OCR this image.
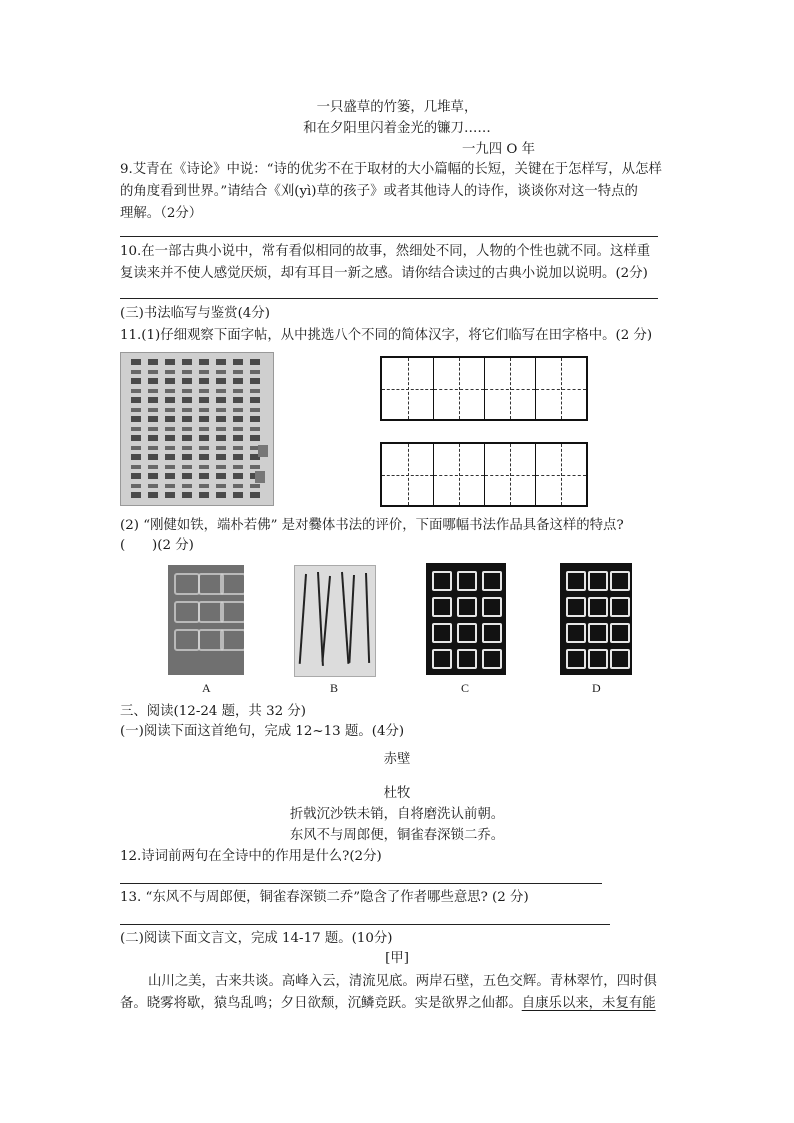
一只盛草的竹篓，几堆草，
和在夕阳里闪着金光的镰刀……
一九四 О 年
9.艾青在《诗论》中说：“诗的优劣不在于取材的大小篇幅的长短，关键在于怎样写，从怎样
的角度看到世界。”请结合《刈(yì)草的孩子》或者其他诗人的诗作，谈谈你对这一特点的
理解。（2分）
10.在一部古典小说中，常有看似相同的故事，然细处不同，人物的个性也就不同。这样重
复读来并不使人感觉厌烦，却有耳目一新之感。请你结合读过的古典小说加以说明。(2分)
(三)书法临写与鉴赏(4分)
11.(1)仔细观察下面字帖，从中挑选八个不同的简体汉字，将它们临写在田字格中。(2 分)
(2) “刚健如铁，端朴若佛” 是对爨体书法的评价，下面哪幅书法作品具备这样的特点?
(　　)(2 分)
A	B	C	D
三、阅读(12-24 题，共 32 分)
(一)阅读下面这首绝句，完成 12~13 题。(4分)
赤壁
杜牧
折戟沉沙铁未销，自将磨洗认前朝。
东风不与周郎便，铜雀春深锁二乔。
12.诗词前两句在全诗中的作用是什么?(2分)
13. “东风不与周郎便，铜雀春深锁二乔”隐含了作者哪些意思? (2 分)
(二)阅读下面文言文，完成 14-17 题。(10分)
[甲]
山川之美，古来共谈。高峰入云，清流见底。两岸石壁，五色交辉。青林翠竹，四时俱
备。晓雾将歇，猿鸟乱鸣；夕日欲颓，沉鳞竞跃。实是欲界之仙都。自康乐以来，未复有能
